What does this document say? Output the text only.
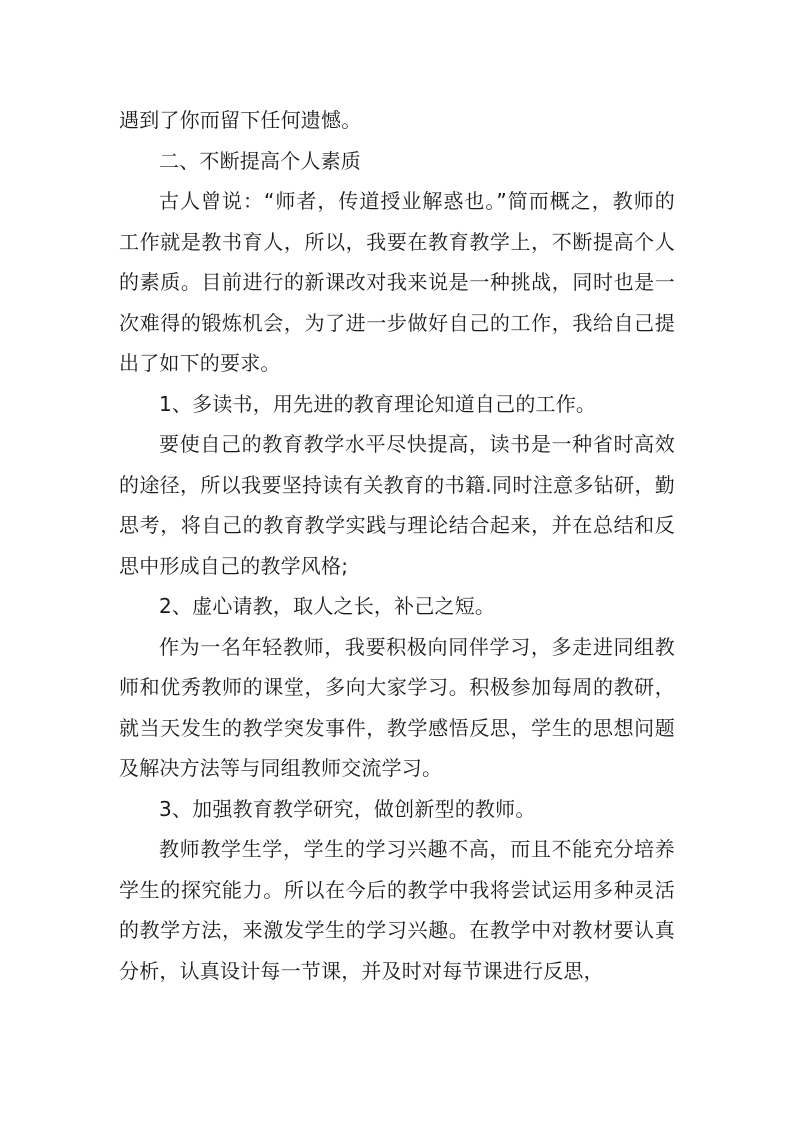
遇到了你而留下任何遗憾。

二、不断提高个人素质

古人曾说：“师者，传道授业解惑也。”简而概之，教师的工作就是教书育人，所以，我要在教育教学上，不断提高个人的素质。目前进行的新课改对我来说是一种挑战，同时也是一次难得的锻炼机会，为了进一步做好自己的工作，我给自己提出了如下的要求。

1、多读书，用先进的教育理论知道自己的工作。

要使自己的教育教学水平尽快提高，读书是一种省时高效的途径，所以我要坚持读有关教育的书籍.同时注意多钻研，勤思考，将自己的教育教学实践与理论结合起来，并在总结和反思中形成自己的教学风格;

2、虚心请教，取人之长，补己之短。

作为一名年轻教师，我要积极向同伴学习，多走进同组教师和优秀教师的课堂，多向大家学习。积极参加每周的教研，就当天发生的教学突发事件，教学感悟反思，学生的思想问题及解决方法等与同组教师交流学习。

3、加强教育教学研究，做创新型的教师。

教师教学生学，学生的学习兴趣不高，而且不能充分培养学生的探究能力。所以在今后的教学中我将尝试运用多种灵活的教学方法，来激发学生的学习兴趣。在教学中对教材要认真分析，认真设计每一节课，并及时对每节课进行反思，
